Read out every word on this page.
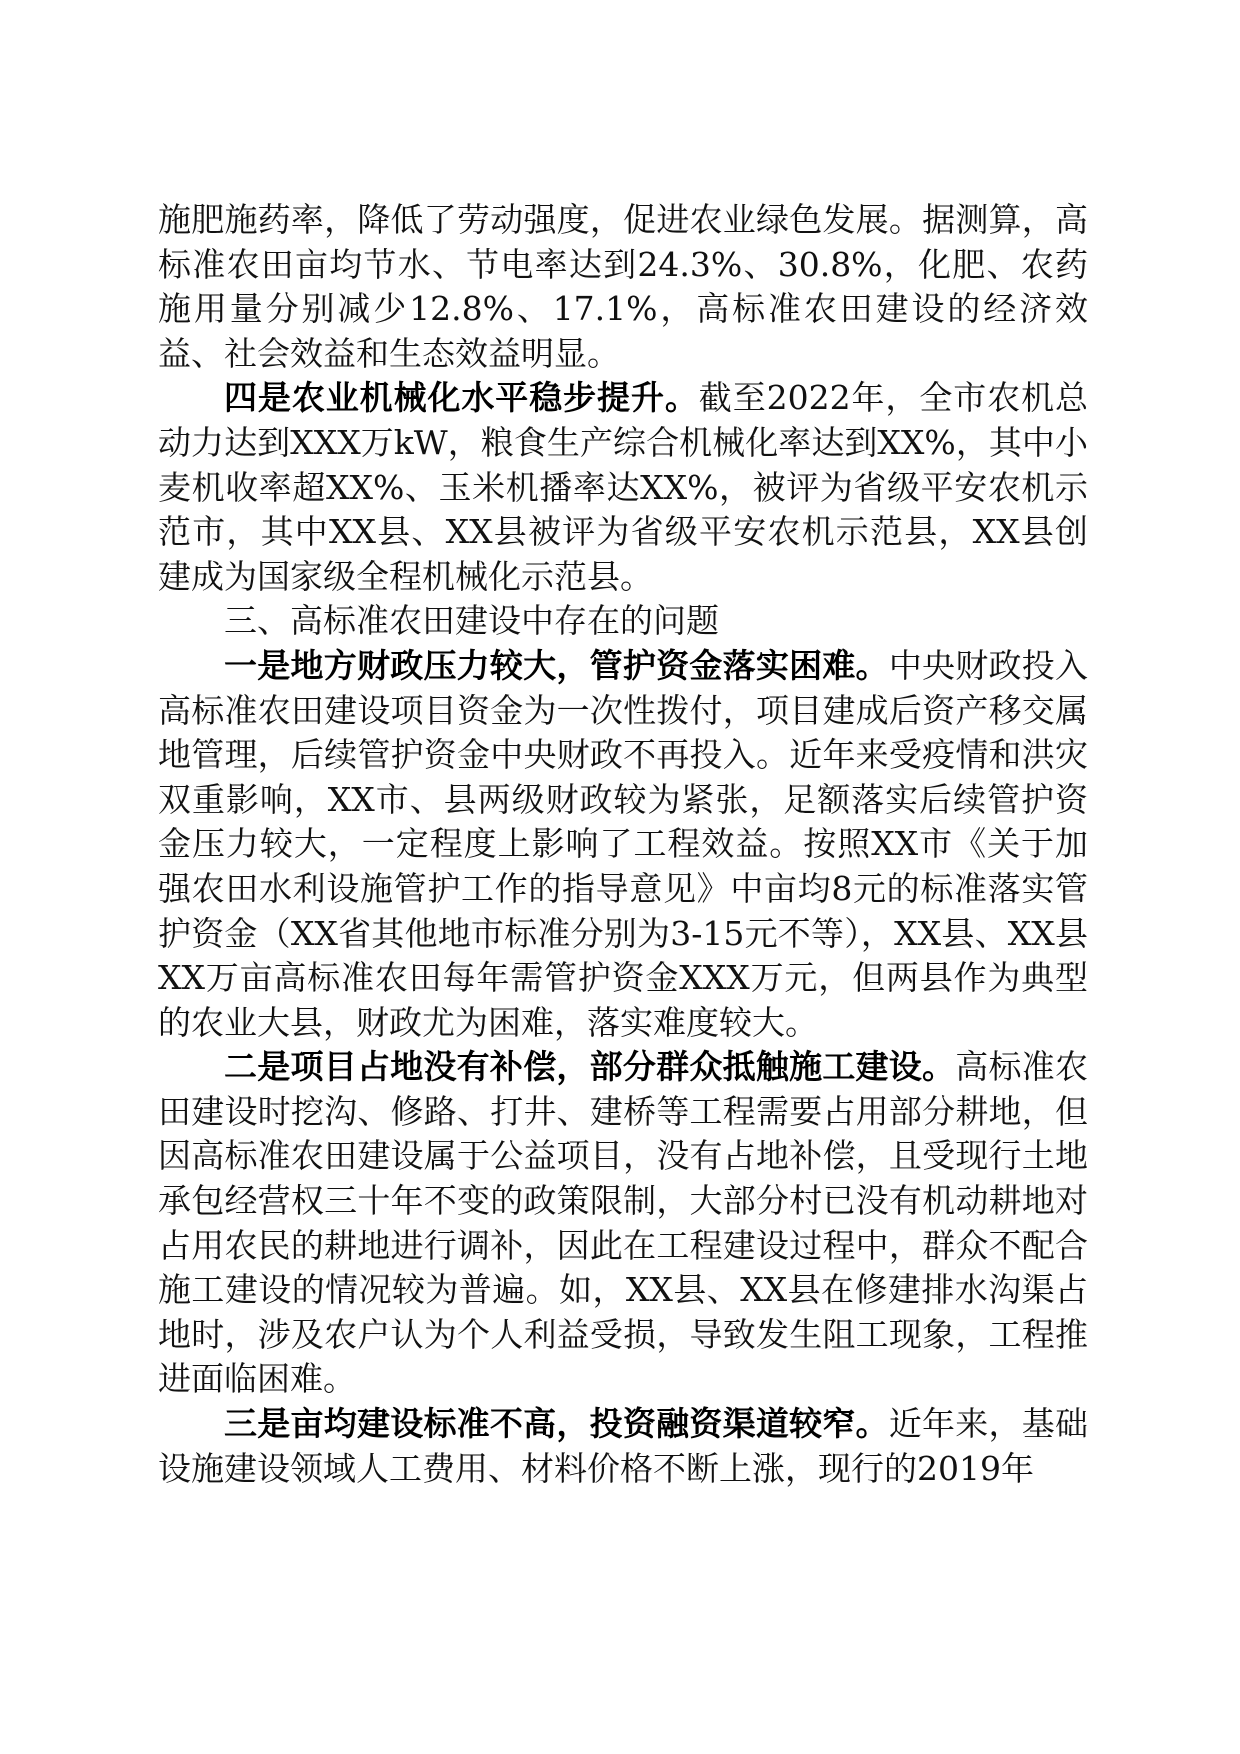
施肥施药率，降低了劳动强度，促进农业绿色发展。据测算，高标准农田亩均节水、节电率达到24.3%、30.8%，化肥、农药施用量分别减少12.8%、17.1%，高标准农田建设的经济效益、社会效益和生态效益明显。

四是农业机械化水平稳步提升。截至2022年，全市农机总动力达到XXX万kW，粮食生产综合机械化率达到XX%，其中小麦机收率超XX%、玉米机播率达XX%，被评为省级平安农机示范市，其中XX县、XX县被评为省级平安农机示范县，XX县创建成为国家级全程机械化示范县。

三、高标准农田建设中存在的问题

一是地方财政压力较大，管护资金落实困难。中央财政投入高标准农田建设项目资金为一次性拨付，项目建成后资产移交属地管理，后续管护资金中央财政不再投入。近年来受疫情和洪灾双重影响，XX市、县两级财政较为紧张，足额落实后续管护资金压力较大，一定程度上影响了工程效益。按照XX市《关于加强农田水利设施管护工作的指导意见》中亩均8元的标准落实管护资金（XX省其他地市标准分别为3-15元不等），XX县、XX县XX万亩高标准农田每年需管护资金XXX万元，但两县作为典型的农业大县，财政尤为困难，落实难度较大。

二是项目占地没有补偿，部分群众抵触施工建设。高标准农田建设时挖沟、修路、打井、建桥等工程需要占用部分耕地，但因高标准农田建设属于公益项目，没有占地补偿，且受现行土地承包经营权三十年不变的政策限制，大部分村已没有机动耕地对占用农民的耕地进行调补，因此在工程建设过程中，群众不配合施工建设的情况较为普遍。如，XX县、XX县在修建排水沟渠占地时，涉及农户认为个人利益受损，导致发生阻工现象，工程推进面临困难。

三是亩均建设标准不高，投资融资渠道较窄。近年来，基础设施建设领域人工费用、材料价格不断上涨，现行的2019年
